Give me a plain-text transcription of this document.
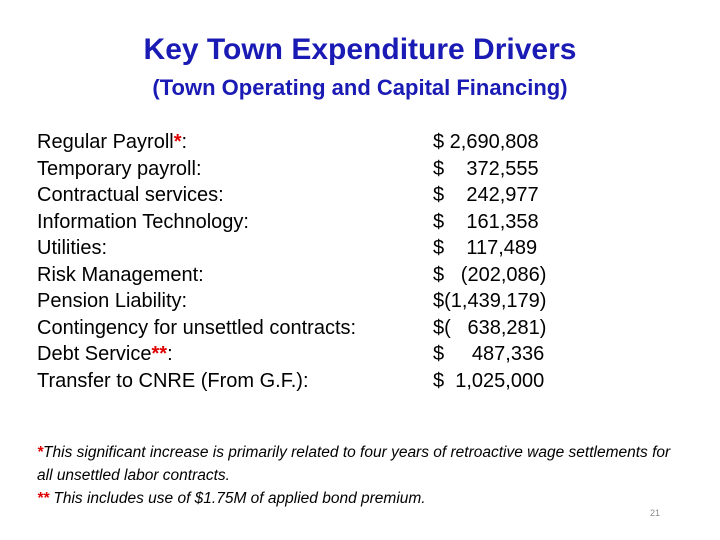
Key Town Expenditure Drivers
(Town Operating and Capital Financing)
Regular Payroll*:	$ 2,690,808
Temporary payroll:	$    372,555
Contractual services:	$    242,977
Information Technology:	$    161,358
Utilities:	$    117,489
Risk Management:	$   (202,086)
Pension Liability:	$(1,439,179)
Contingency for unsettled contracts:	$(   638,281)
Debt Service**:	$     487,336
Transfer to CNRE (From G.F.):	$  1,025,000
*This significant increase is primarily related to four years of retroactive wage settlements for all unsettled labor contracts.
** This includes use of $1.75M of applied bond premium.
21
